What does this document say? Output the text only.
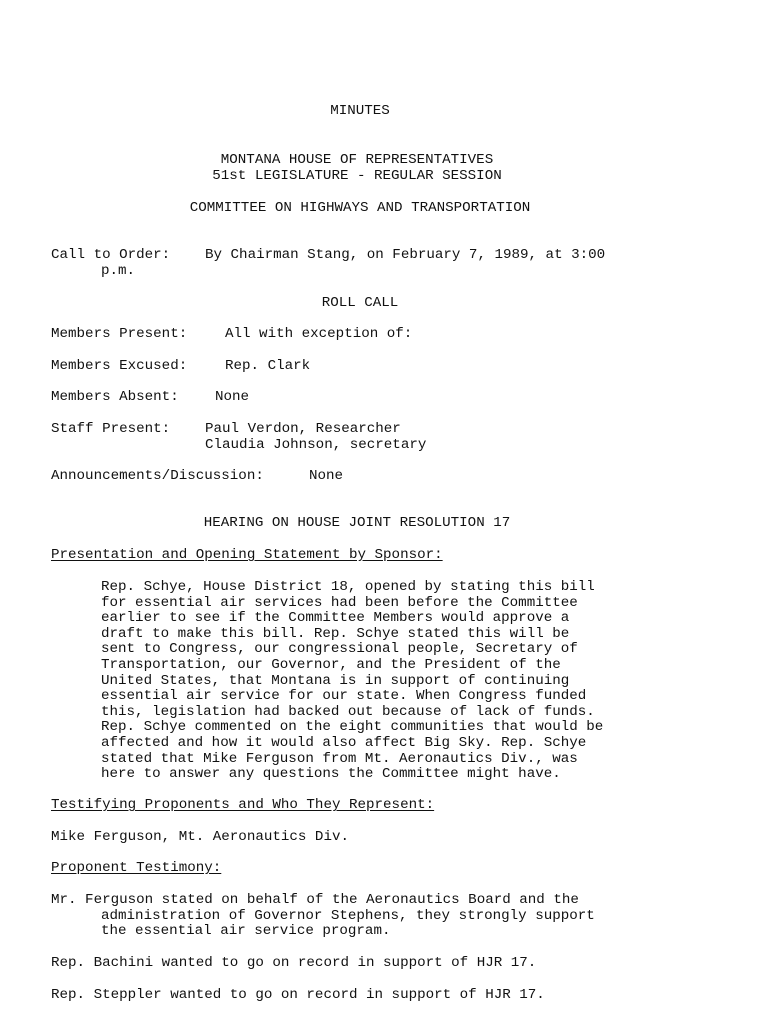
MINUTES
MONTANA HOUSE OF REPRESENTATIVES
51st LEGISLATURE - REGULAR SESSION
COMMITTEE ON HIGHWAYS AND TRANSPORTATION
Call to Order: By Chairman Stang, on February 7, 1989, at 3:00
p.m.
ROLL CALL
Members Present:	All with exception of:
Members Excused:	Rep. Clark
Members Absent:	None
Staff Present: Paul Verdon, Researcher
Claudia Johnson, secretary
Announcements/Discussion:	None
HEARING ON HOUSE JOINT RESOLUTION 17
Presentation and Opening Statement by Sponsor:
Rep. Schye, House District 18, opened by stating this bill
for essential air services had been before the Committee
earlier to see if the Committee Members would approve a
draft to make this bill. Rep. Schye stated this will be
sent to Congress, our congressional people, Secretary of
Transportation, our Governor, and the President of the
United States, that Montana is in support of continuing
essential air service for our state. When Congress funded
this, legislation had backed out because of lack of funds.
Rep. Schye commented on the eight communities that would be
affected and how it would also affect Big Sky. Rep. Schye
stated that Mike Ferguson from Mt. Aeronautics Div., was
here to answer any questions the Committee might have.
Testifying Proponents and Who They Represent:
Mike Ferguson, Mt. Aeronautics Div.
Proponent Testimony:
Mr. Ferguson stated on behalf of the Aeronautics Board and the
administration of Governor Stephens, they strongly support
the essential air service program.
Rep. Bachini wanted to go on record in support of HJR 17.
Rep. Steppler wanted to go on record in support of HJR 17.
